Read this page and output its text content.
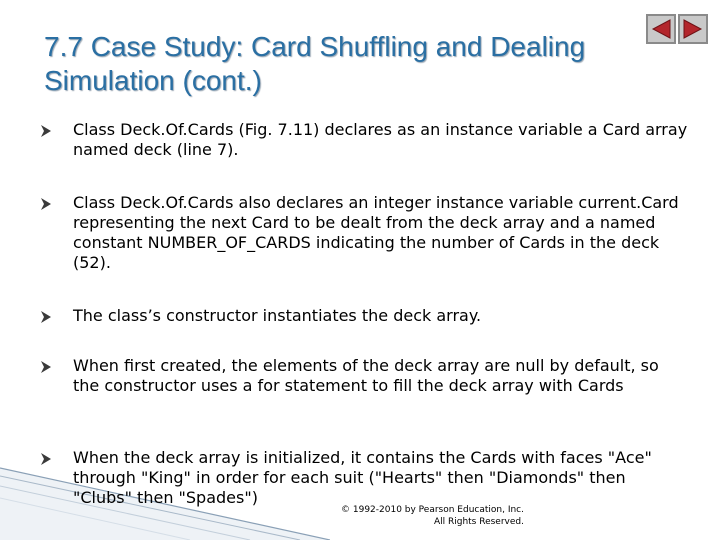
7.7 Case Study: Card Shuffling and Dealing Simulation (cont.)
Class Deck.Of.Cards (Fig. 7.11) declares as an instance variable a Card array named deck (line 7).
Class Deck.Of.Cards also declares an integer instance variable current.Card representing the next Card to be dealt from the deck array and a named constant NUMBER_OF_CARDS indicating the number of Cards in the deck (52).
The class’s constructor instantiates the deck array.
When first created, the elements of the deck array are null by default, so the constructor uses a for statement to fill the deck array with Cards
When the deck array is initialized, it contains the Cards with faces "Ace" through "King" in order for each suit ("Hearts" then "Diamonds" then "Clubs" then "Spades")
© 1992-2010 by Pearson Education, Inc.
All Rights Reserved.
